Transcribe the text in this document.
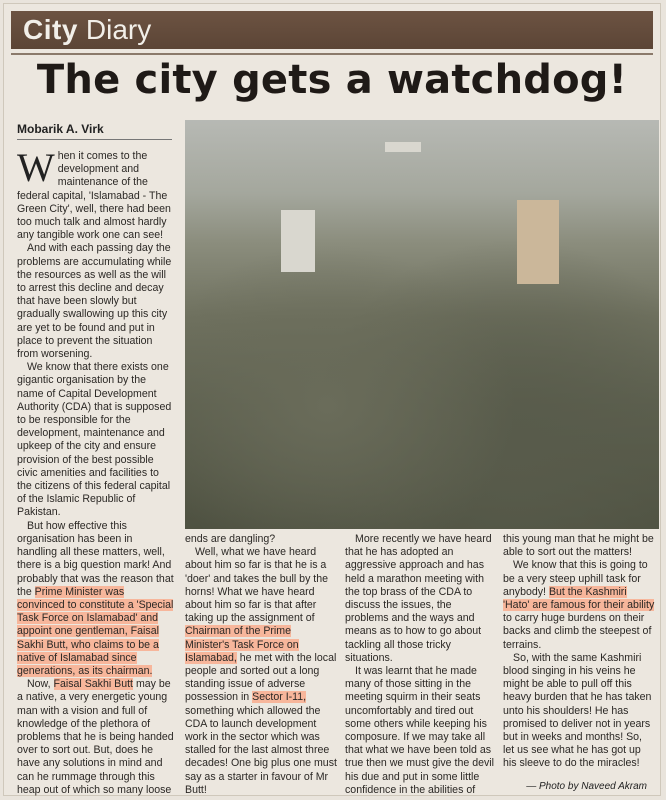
City Diary
The city gets a watchdog!
Mobarik A. Virk

When it comes to the development and maintenance of the federal capital, 'Islamabad - The Green City', well, there had been too much talk and almost hardly any tangible work one can see!

And with each passing day the problems are accumulating while the resources as well as the will to arrest this decline and decay that have been slowly but gradually swallowing up this city are yet to be found and put in place to prevent the situation from worsening.

We know that there exists one gigantic organisation by the name of Capital Development Authority (CDA) that is supposed to be responsible for the development, maintenance and upkeep of the city and ensure provision of the best possible civic amenities and facilities to the citizens of this federal capital of the Islamic Republic of Pakistan.

But how effective this organisation has been in handling all these matters, well, there is a big question mark! And probably that was the reason that the Prime Minister was convinced to constitute a 'Special Task Force on Islamabad' and appoint one gentleman, Faisal Sakhi Butt, who claims to be a native of Islamabad since generations, as its chairman.

Now, Faisal Sakhi Butt may be a native, a very energetic young man with a vision and full of knowledge of the plethora of problems that he is being handed over to sort out. But, does he have any solutions in mind and can he rummage through this heap out of which so many loose

ends are dangling?

Well, what we have heard about him so far is that he is a 'doer' and takes the bull by the horns! What we have heard about him so far is that after taking up the assignment of Chairman of the Prime Minister's Task Force on Islamabad, he met with the local people and sorted out a long standing issue of adverse possession in Sector I-11, something which allowed the CDA to launch development work in the sector which was stalled for the last almost three decades! One big plus one must say as a starter in favour of Mr Butt!

More recently we have heard that he has adopted an aggressive approach and has held a marathon meeting with the top brass of the CDA to discuss the issues, the problems and the ways and means as to how to go about tackling all those tricky situations.

It was learnt that he made many of those sitting in the meeting squirm in their seats uncomfortably and tired out some others while keeping his composure. If we may take all that what we have been told as true then we must give the devil his due and put in some little confidence in the abilities of

this young man that he might be able to sort out the matters!

We know that this is going to be a very steep uphill task for anybody! But the Kashmiri 'Hato' are famous for their ability to carry huge burdens on their backs and climb the steepest of terrains.

So, with the same Kashmiri blood singing in his veins he might be able to pull off this heavy burden that he has taken unto his shoulders! He has promised to deliver not in years but in weeks and months! So, let us see what he has got up his sleeve to do the miracles!

— Photo by Naveed Akram
